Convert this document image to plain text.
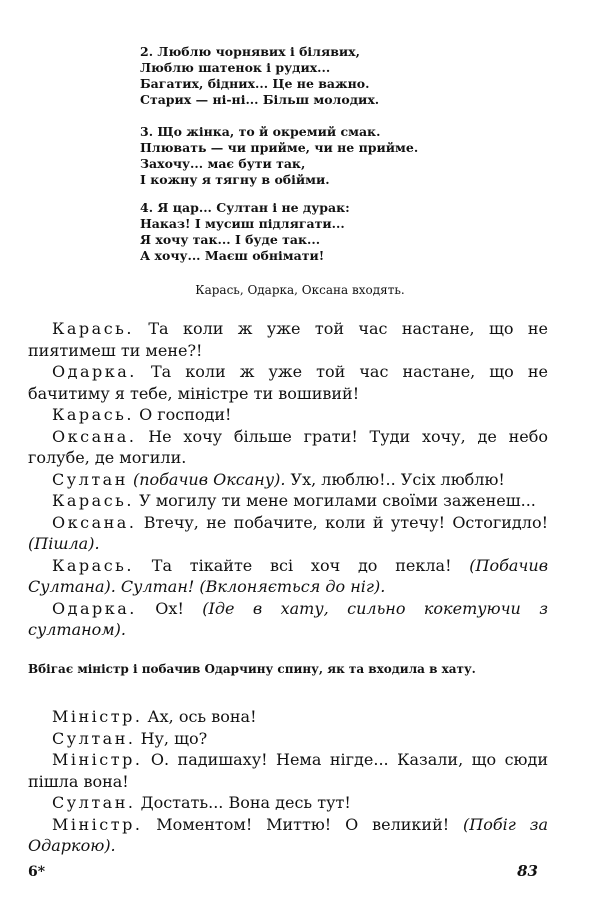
2. Люблю чорнявих і білявих,
Люблю шатенок і рудих...
Багатих, бідних... Це не важно.
Старих — ні-ні... Більш молодих.
3. Що жінка, то й окремий смак.
Плювать — чи прийме, чи не прийме.
Захочу... має бути так,
І кожну я тягну в обійми.
4. Я цар... Султан і не дурак:
Наказ! І мусиш підлягати...
Я хочу так... І буде так...
А хочу... Маєш обнімати!
Карась, Одарка, Оксана входять.
Карась. Та коли ж уже той час настане, що не пиятимеш ти мене?!
Одарка. Та коли ж уже той час настане, що не бачитиму я тебе, міністре ти вошивий!
Карась. О господи!
Оксана. Не хочу більше грати! Туди хочу, де небо голубе, де могили.
Султан (побачив Оксану). Ух, люблю!.. Усіх люблю!
Карась. У могилу ти мене могилами своїми заженеш...
Оксана. Втечу, не побачите, коли й утечу! Остогидло! (Пішла).
Карась. Та тікайте всі хоч до пекла! (Побачив Султана). Султан! (Вклоняється до ніг).
Одарка. Ох! (Іде в хату, сильно кокетуючи з султаном).
Вбігає міністр і побачив Одарчину спину, як та входила в хату.
Міністр. Ах, ось вона!
Султан. Ну, що?
Міністр. О. падишаху! Нема нігде... Казали, що сюди пішла вона!
Султан. Достать... Вона десь тут!
Міністр. Моментом! Миттю! О великий! (Побіг за Одаркою).
6*	83
